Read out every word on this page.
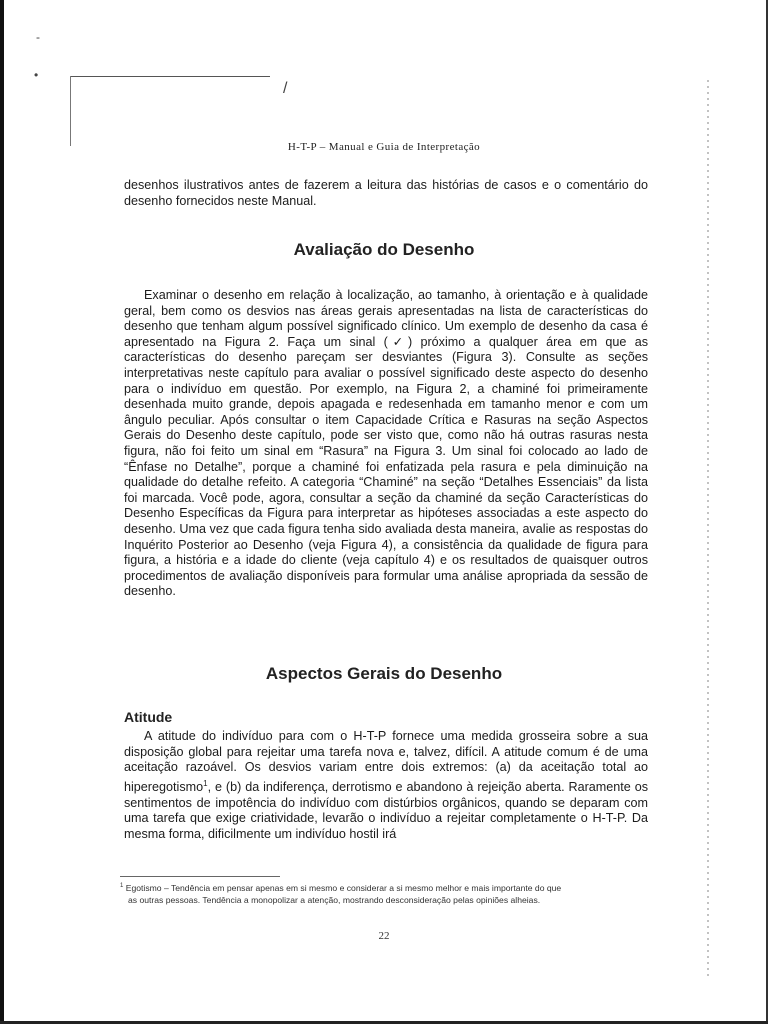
-
•
/
H-T-P – Manual e Guia de Interpretação

desenhos ilustrativos antes de fazerem a leitura das histórias de casos e o comentário do desenho fornecidos neste Manual.

Avaliação do Desenho

Examinar o desenho em relação à localização, ao tamanho, à orientação e à qualidade geral, bem como os desvios nas áreas gerais apresentadas na lista de características do desenho que tenham algum possível significado clínico. Um exemplo de desenho da casa é apresentado na Figura 2. Faça um sinal (✓) próximo a qualquer área em que as características do desenho pareçam ser desviantes (Figura 3). Consulte as seções interpretativas neste capítulo para avaliar o possível significado deste aspecto do desenho para o indivíduo em questão. Por exemplo, na Figura 2, a chaminé foi primeiramente desenhada muito grande, depois apagada e redesenhada em tamanho menor e com um ângulo peculiar. Após consultar o item Capacidade Crítica e Rasuras na seção Aspectos Gerais do Desenho deste capítulo, pode ser visto que, como não há outras rasuras nesta figura, não foi feito um sinal em “Rasura” na Figura 3. Um sinal foi colocado ao lado de “Ênfase no Detalhe”, porque a chaminé foi enfatizada pela rasura e pela diminuição na qualidade do detalhe refeito. A categoria “Chaminé” na seção “Detalhes Essenciais” da lista foi marcada. Você pode, agora, consultar a seção da chaminé da seção Características do Desenho Específicas da Figura para interpretar as hipóteses associadas a este aspecto do desenho. Uma vez que cada figura tenha sido avaliada desta maneira, avalie as respostas do Inquérito Posterior ao Desenho (veja Figura 4), a consistência da qualidade de figura para figura, a história e a idade do cliente (veja capítulo 4) e os resultados de quaisquer outros procedimentos de avaliação disponíveis para formular uma análise apropriada da sessão de desenho.

Aspectos Gerais do Desenho
Atitude

A atitude do indivíduo para com o H-T-P fornece uma medida grosseira sobre a sua disposição global para rejeitar uma tarefa nova e, talvez, difícil. A atitude comum é de uma aceitação razoável. Os desvios variam entre dois extremos: (a) da aceitação total ao hiperegotismo$^1$, e (b) da indiferença, derrotismo e abandono à rejeição aberta. Raramente os sentimentos de impotência do indivíduo com distúrbios orgânicos, quando se deparam com uma tarefa que exige criatividade, levarão o indivíduo a rejeitar completamente o H-T-P. Da mesma forma, dificilmente um indivíduo hostil irá

$^1$ Egotismo – Tendência em pensar apenas em si mesmo e considerar a si mesmo melhor e mais importante do que
as outras pessoas. Tendência a monopolizar a atenção, mostrando desconsideração pelas opiniões alheias.
22
